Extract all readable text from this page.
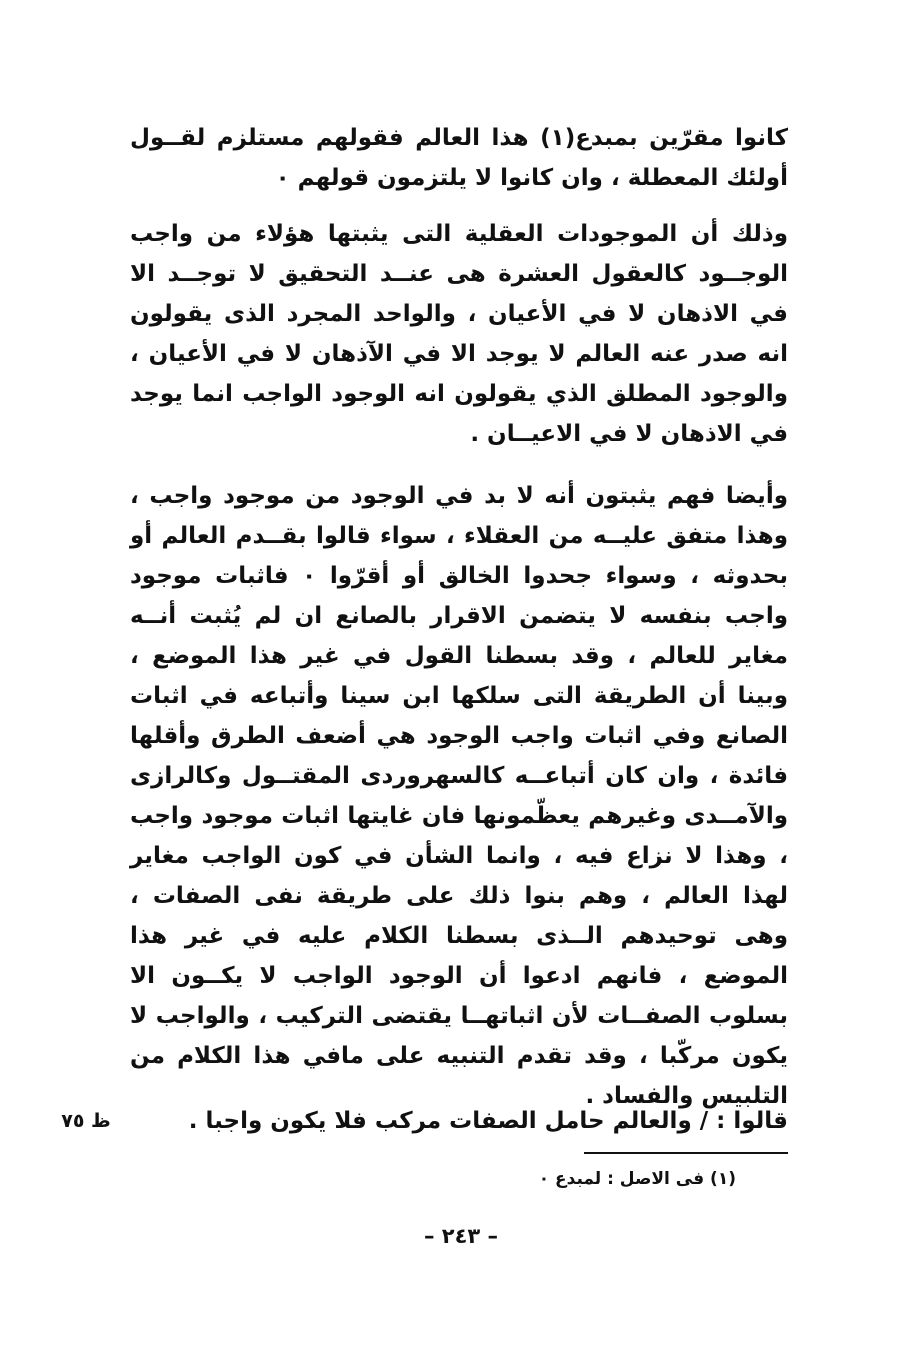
كانوا مقرّين بمبدع(١) هذا العالم فقولهم مستلزم لقــول أولئك المعطلة ، وان كانوا لا يلتزمون قولهم ٠
وذلك أن الموجودات العقلية التى يثبتها هؤلاء من واجب الوجــود كالعقول العشرة هى عنــد التحقيق لا توجــد الا في الاذهان لا في الأعيان ، والواحد المجرد الذى يقولون انه صدر عنه العالم لا يوجد الا في الآذهان لا في الأعيان ، والوجود المطلق الذي يقولون انه الوجود الواجب انما يوجد في الاذهان لا في الاعيــان .
وأيضا فهم يثبتون أنه لا بد في الوجود من موجود واجب ، وهذا متفق عليــه من العقلاء ، سواء قالوا بقــدم العالم أو بحدوثه ، وسواء جحدوا الخالق أو أقرّوا ٠ فاثبات موجود واجب بنفسه لا يتضمن الاقرار بالصانع ان لم يُثبت أنــه مغاير للعالم ، وقد بسطنا القول في غير هذا الموضع ، وبينا أن الطريقة التى سلكها ابن سينا وأتباعه في اثبات الصانع وفي اثبات واجب الوجود هي أضعف الطرق وأقلها فائدة ، وان كان أتباعــه كالسهروردى المقتــول وكالرازى والآمــدى وغيرهم يعظّمونها فان غايتها اثبات موجود واجب ، وهذا لا نزاع فيه ، وانما الشأن في كون الواجب مغاير لهذا العالم ، وهم بنوا ذلك على طريقة نفى الصفات ، وهى توحيدهم الــذى بسطنا الكلام عليه في غير هذا الموضع ، فانهم ادعوا أن الوجود الواجب لا يكــون الا بسلوب الصفــات لأن اثباتهــا يقتضى التركيب ، والواجب لا يكون مركّبا ، وقد تقدم التنبيه على مافي هذا الكلام من التلبيس والفساد .
قالوا : / والعالم حامل الصفات مركب فلا يكون واجبا .
ظ ٧٥
(١) فى الاصل : لمبدع ٠
– ٢٤٣ –
